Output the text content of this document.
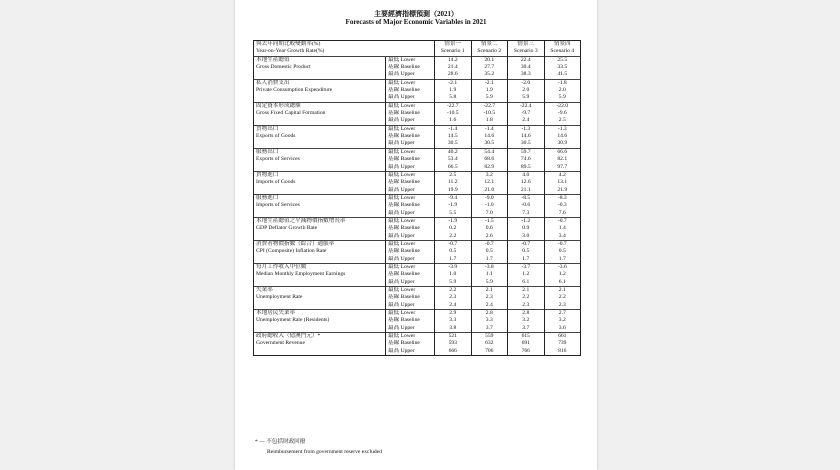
主要經濟指標預測（2021）
Forecasts of Major Economic Variables in 2021
與去年同期比較變動率(%)		情景一	情景二	情景三	情景四
Year-on-Year Growth Rate(%)		Scenario 1	Scenario 2	Scenario 3	Scenario 4

本地生產總值
Gross Domestic Product	最低 Lower	14.2	20.1	22.4	25.5
	基線 Baseline	21.4	27.7	30.4	33.5
	最高 Upper	28.6	35.2	38.3	41.5

私人消費支出
Private Consumption Expenditure	最低 Lower	-2.1	-2.1	-2.0	-1.8
	基線 Baseline	1.9	1.9	2.0	2.0
	最高 Upper	5.8	5.9	5.9	5.9

固定資本形成總額
Gross Fixed Capital Formation	最低 Lower	-22.7	-22.7	-22.4	-22.0
	基線 Baseline	-10.5	-10.5	-9.7	-9.6
	最高 Upper	1.6	1.8	2.4	2.5

貨物出口
Exports of Goods	最低 Lower	-1.4	-1.4	-1.3	-1.3
	基線 Baseline	14.5	14.6	14.6	14.6
	最高 Upper	30.5	30.5	30.5	30.9

服務出口
Exports of Services	最低 Lower	40.2	54.4	59.7	66.6
	基線 Baseline	53.4	68.6	74.6	82.1
	最高 Upper	66.5	82.9	89.5	97.7

貨物進口
Imports of Goods	最低 Lower	2.5	3.2	4.0	4.2
	基線 Baseline	11.2	12.1	12.6	13.1
	最高 Upper	19.9	21.0	21.1	21.9

服務進口
Imports of Services	最低 Lower	-9.4	-9.0	-8.5	-8.3
	基線 Baseline	-1.9	-1.0	-0.6	-0.3
	最高 Upper	5.5	7.0	7.3	7.6

本地生產總值之平減物價指數增長率
GDP Deflator Growth Rate	最低 Lower	-1.9	-1.5	-1.2	-0.7
	基線 Baseline	0.2	0.6	0.9	1.4
	最高 Upper	2.2	2.6	3.0	3.4

消費者物價指數（綜合）通脹率
CPI (Composite) Inflation Rate	最低 Lower	-0.7	-0.7	-0.7	-0.7
	基線 Baseline	0.5	0.5	0.5	0.5
	最高 Upper	1.7	1.7	1.7	1.7

每月工作收入中位數
Median Monthly Employment Earnings	最低 Lower	-3.9	-3.8	-3.7	-3.6
	基線 Baseline	1.0	1.1	1.2	1.2
	最高 Upper	5.9	5.9	6.1	6.1

失業率
Unemployment Rate	最低 Lower	2.2	2.1	2.1	2.1
	基線 Baseline	2.3	2.3	2.2	2.2
	最高 Upper	2.4	2.4	2.3	2.3

本地居民失業率
Unemployment Rate (Residents)	最低 Lower	2.9	2.8	2.8	2.7
	基線 Baseline	3.3	3.3	3.2	3.2
	最高 Upper	3.8	3.7	3.7	3.6

政府總收入（億澳門元）*
Government Revenue	最低 Lower	521	559	615	661
	基線 Baseline	593	632	691	739
	最高 Upper	666	706	766	816
* — 不包括財政回撥
Reimbursement from government reserve excluded
